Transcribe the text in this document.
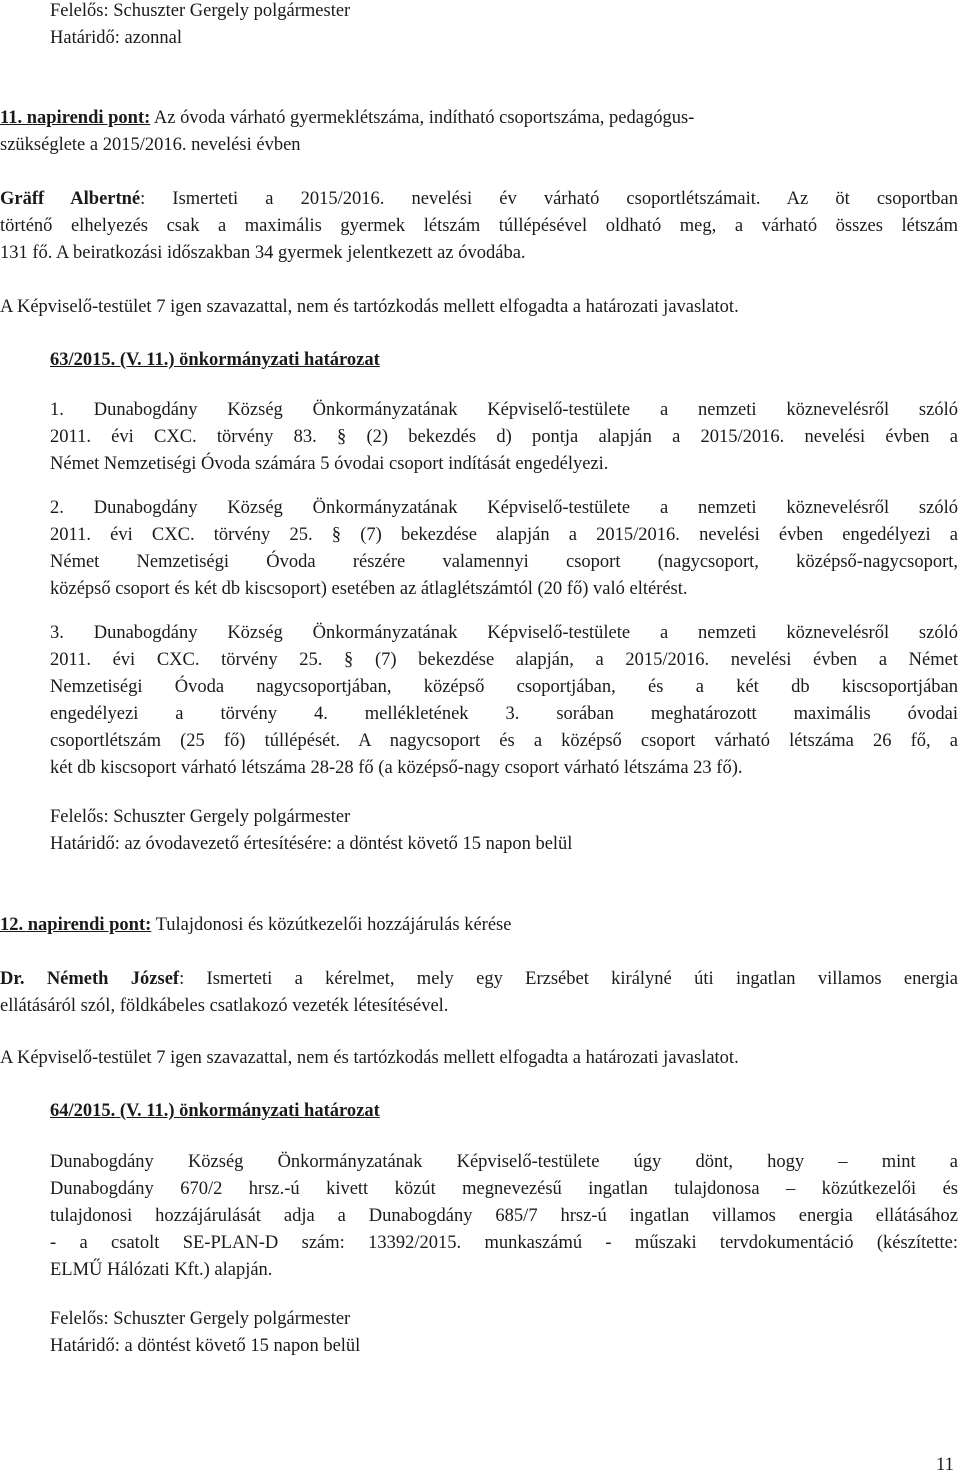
Felelős: Schuszter Gergely polgármester
Határidő: azonnal
11. napirendi pont: Az óvoda várható gyermeklétszáma, indítható csoportszáma, pedagógus-
szükséglete a 2015/2016. nevelési évben
Gräff Albertné: Ismerteti a 2015/2016. nevelési év várható csoportlétszámait. Az öt csoportban
történő elhelyezés csak a maximális gyermek létszám túllépésével oldható meg, a várható összes létszám
131 fő. A beiratkozási időszakban 34 gyermek jelentkezett az óvodába.
A Képviselő-testület 7 igen szavazattal, nem és tartózkodás mellett elfogadta a határozati javaslatot.
63/2015. (V. 11.) önkormányzati határozat
1. Dunabogdány Község Önkormányzatának Képviselő-testülete a nemzeti köznevelésről szóló
2011. évi CXC. törvény 83. § (2) bekezdés d) pontja alapján a 2015/2016. nevelési évben a
Német Nemzetiségi Óvoda számára 5 óvodai csoport indítását engedélyezi.
2. Dunabogdány Község Önkormányzatának Képviselő-testülete a nemzeti köznevelésről szóló
2011. évi CXC. törvény 25. § (7) bekezdése alapján a 2015/2016. nevelési évben engedélyezi a
Német Nemzetiségi Óvoda részére valamennyi csoport (nagycsoport, középső-nagycsoport,
középső csoport és két db kiscsoport) esetében az átlaglétszámtól (20 fő) való eltérést.
3. Dunabogdány Község Önkormányzatának Képviselő-testülete a nemzeti köznevelésről szóló
2011. évi CXC. törvény 25. § (7) bekezdése alapján, a 2015/2016. nevelési évben a Német
Nemzetiségi Óvoda nagycsoportjában, középső csoportjában, és a két db kiscsoportjában
engedélyezi a törvény 4. mellékletének 3. sorában meghatározott maximális óvodai
csoportlétszám (25 fő) túllépését. A nagycsoport és a középső csoport várható létszáma 26 fő, a
két db kiscsoport várható létszáma 28-28 fő (a középső-nagy csoport várható létszáma 23 fő).
Felelős: Schuszter Gergely polgármester
Határidő: az óvodavezető értesítésére: a döntést követő 15 napon belül
12. napirendi pont: Tulajdonosi és közútkezelői hozzájárulás kérése
Dr. Németh József: Ismerteti a kérelmet, mely egy Erzsébet királyné úti ingatlan villamos energia
ellátásáról szól, földkábeles csatlakozó vezeték létesítésével.
A Képviselő-testület 7 igen szavazattal, nem és tartózkodás mellett elfogadta a határozati javaslatot.
64/2015. (V. 11.) önkormányzati határozat
Dunabogdány Község Önkormányzatának Képviselő-testülete úgy dönt, hogy – mint a
Dunabogdány 670/2 hrsz.-ú kivett közút megnevezésű ingatlan tulajdonosa – közútkezelői és
tulajdonosi hozzájárulását adja a Dunabogdány 685/7 hrsz-ú ingatlan villamos energia ellátásához
- a csatolt SE-PLAN-D szám: 13392/2015. munkaszámú - műszaki tervdokumentáció (készítette:
ELMŰ Hálózati Kft.) alapján.
Felelős: Schuszter Gergely polgármester
Határidő: a döntést követő 15 napon belül
11
